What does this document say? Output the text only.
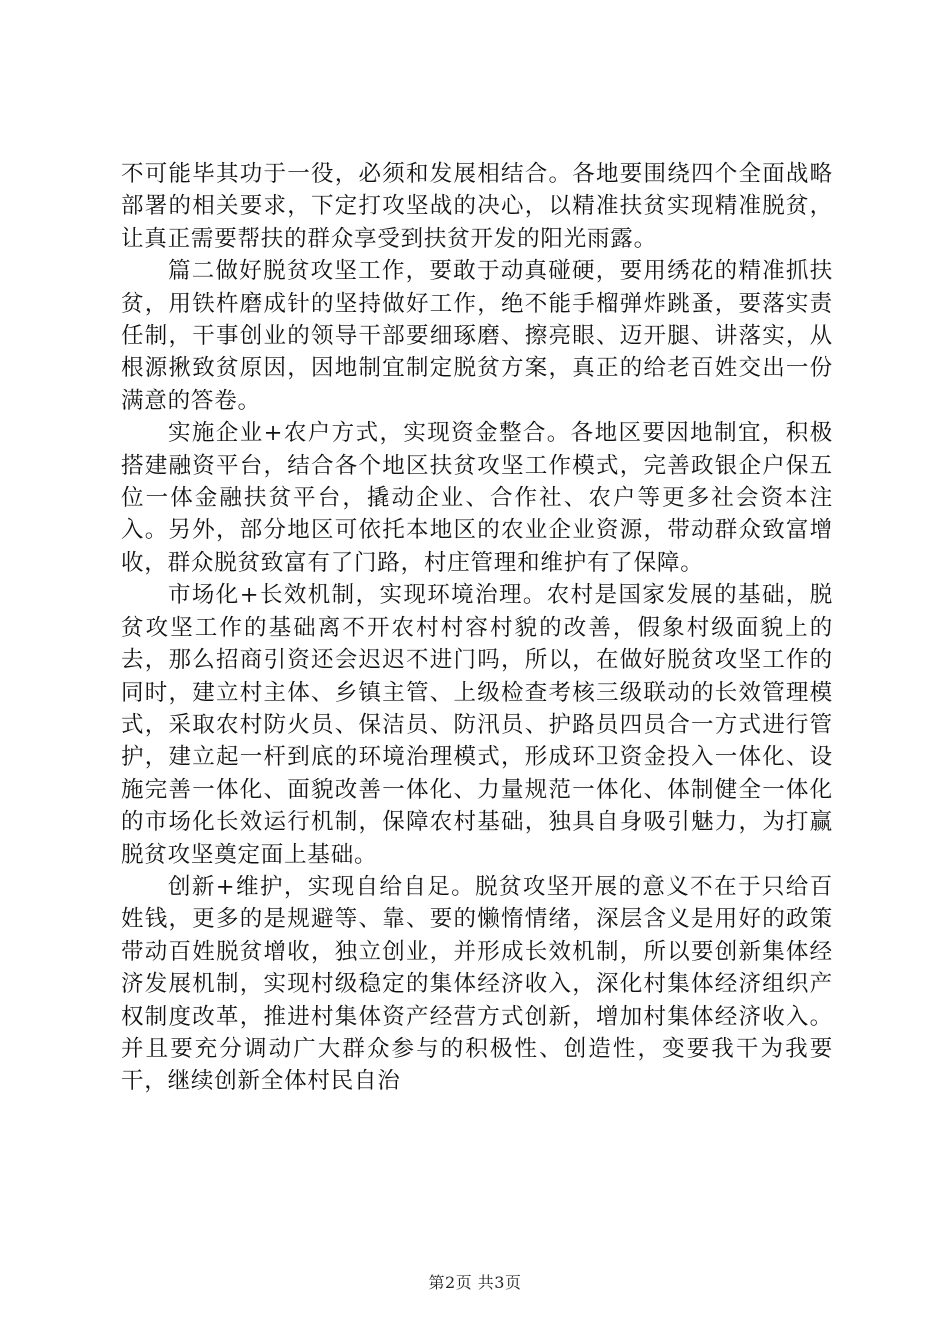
不可能毕其功于一役，必须和发展相结合。各地要围绕四个全面战略部署的相关要求，下定打攻坚战的决心，以精准扶贫实现精准脱贫，让真正需要帮扶的群众享受到扶贫开发的阳光雨露。

篇二做好脱贫攻坚工作，要敢于动真碰硬，要用绣花的精准抓扶贫，用铁杵磨成针的坚持做好工作，绝不能手榴弹炸跳蚤，要落实责任制，干事创业的领导干部要细琢磨、擦亮眼、迈开腿、讲落实，从根源揪致贫原因，因地制宜制定脱贫方案，真正的给老百姓交出一份满意的答卷。

实施企业+农户方式，实现资金整合。各地区要因地制宜，积极搭建融资平台，结合各个地区扶贫攻坚工作模式，完善政银企户保五位一体金融扶贫平台，撬动企业、合作社、农户等更多社会资本注入。另外，部分地区可依托本地区的农业企业资源，带动群众致富增收，群众脱贫致富有了门路，村庄管理和维护有了保障。

市场化+长效机制，实现环境治理。农村是国家发展的基础，脱贫攻坚工作的基础离不开农村村容村貌的改善，假象村级面貌上的去，那么招商引资还会迟迟不进门吗，所以，在做好脱贫攻坚工作的同时，建立村主体、乡镇主管、上级检查考核三级联动的长效管理模式，采取农村防火员、保洁员、防汛员、护路员四员合一方式进行管护，建立起一杆到底的环境治理模式，形成环卫资金投入一体化、设施完善一体化、面貌改善一体化、力量规范一体化、体制健全一体化的市场化长效运行机制，保障农村基础，独具自身吸引魅力，为打赢脱贫攻坚奠定面上基础。

创新+维护，实现自给自足。脱贫攻坚开展的意义不在于只给百姓钱，更多的是规避等、靠、要的懒惰情绪，深层含义是用好的政策带动百姓脱贫增收，独立创业，并形成长效机制，所以要创新集体经济发展机制，实现村级稳定的集体经济收入，深化村集体经济组织产权制度改革，推进村集体资产经营方式创新，增加村集体经济收入。并且要充分调动广大群众参与的积极性、创造性，变要我干为我要干，继续创新全体村民自治

第2页 共3页
